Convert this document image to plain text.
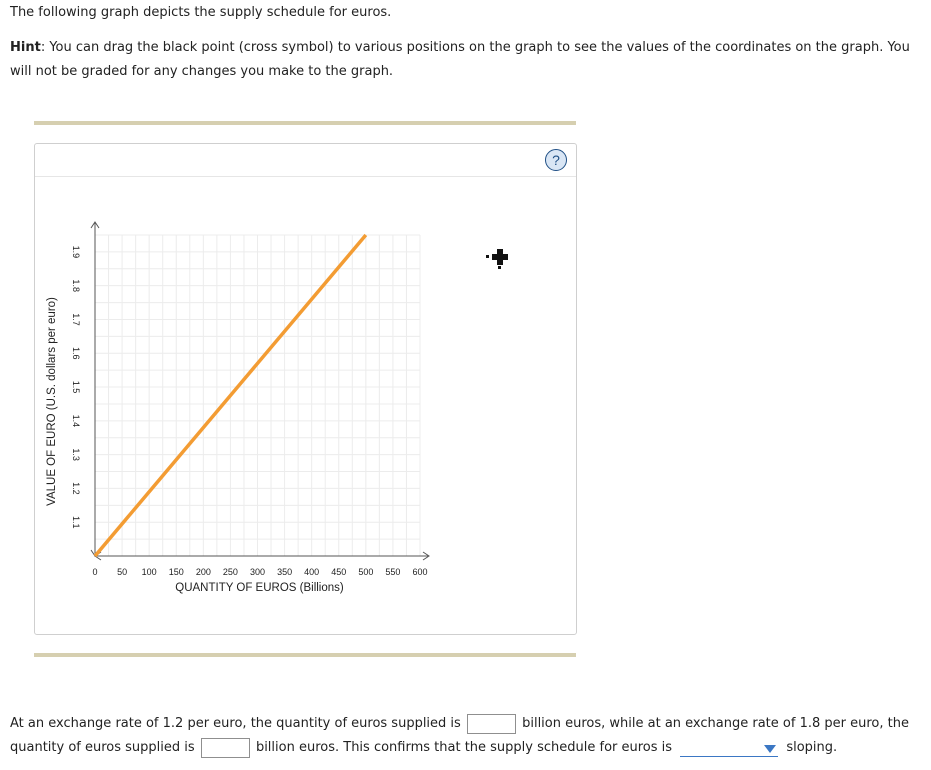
The following graph depicts the supply schedule for euros.

Hint: You can drag the black point (cross symbol) to various positions on the graph to see the values of the coordinates on the graph. You will not be graded for any changes you make to the graph.

?
0 50 100 150 200 250 300 350 400 450 500 550 600
1.1
1.2
1.3
1.4
1.5
1.6
1.7
1.8
1.9
QUANTITY OF EUROS (Billions)
VALUE OF EURO (U.S. dollars per euro)
At an exchange rate of 1.2 per euro, the quantity of euros supplied is	billion euros, while at an exchange rate of 1.8 per euro, the quantity of euros supplied is	billion euros. This confirms that the supply schedule for euros is	sloping.
